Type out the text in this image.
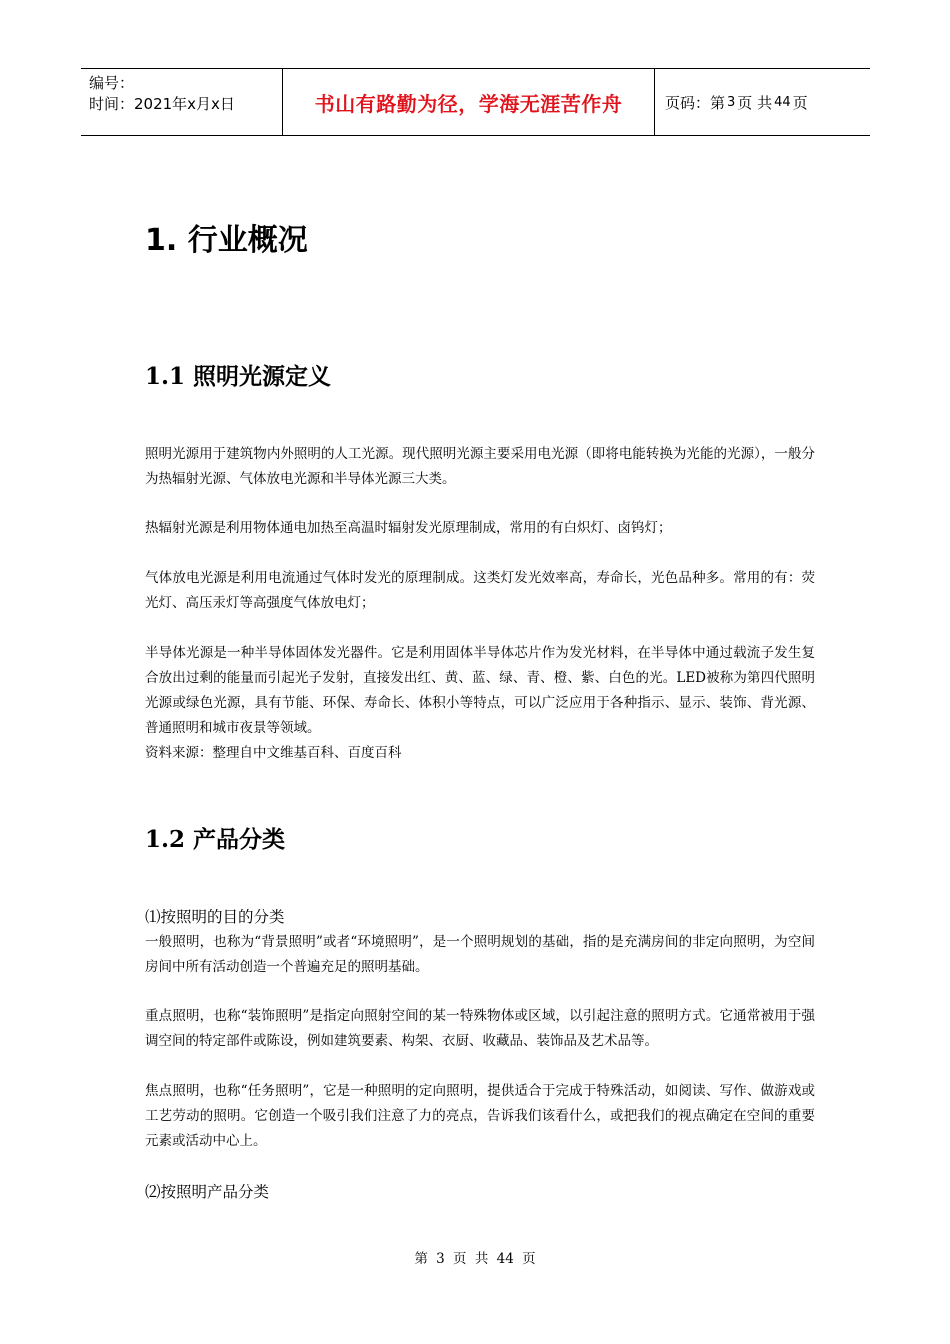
编号：
时间：2021年x月x日	书山有路勤为径，学海无涯苦作舟	页码：第 3 页 共 44 页
1. 行业概况
1.1 照明光源定义

照明光源用于建筑物内外照明的人工光源。现代照明光源主要采用电光源（即将电能转换为光能的光源），一般分为热辐射光源、气体放电光源和半导体光源三大类。

热辐射光源是利用物体通电加热至高温时辐射发光原理制成，常用的有白炽灯、卤钨灯；

气体放电光源是利用电流通过气体时发光的原理制成。这类灯发光效率高，寿命长，光色品种多。常用的有：荧光灯、高压汞灯等高强度气体放电灯；

半导体光源是一种半导体固体发光器件。它是利用固体半导体芯片作为发光材料，在半导体中通过载流子发生复合放出过剩的能量而引起光子发射，直接发出红、黄、蓝、绿、青、橙、紫、白色的光。LED被称为第四代照明光源或绿色光源，具有节能、环保、寿命长、体积小等特点，可以广泛应用于各种指示、显示、装饰、背光源、普通照明和城市夜景等领域。

资料来源：整理自中文维基百科、百度百科

1.2 产品分类

⑴按照明的目的分类

一般照明，也称为“背景照明”或者“环境照明”，是一个照明规划的基础，指的是充满房间的非定向照明，为空间房间中所有活动创造一个普遍充足的照明基础。

重点照明，也称“装饰照明”是指定向照射空间的某一特殊物体或区域，以引起注意的照明方式。它通常被用于强调空间的特定部件或陈设，例如建筑要素、构架、衣厨、收藏品、装饰品及艺术品等。

焦点照明，也称“任务照明”，它是一种照明的定向照明，提供适合于完成于特殊活动，如阅读、写作、做游戏或工艺劳动的照明。它创造一个吸引我们注意了力的亮点，告诉我们该看什么，或把我们的视点确定在空间的重要元素或活动中心上。

⑵按照明产品分类

第 3 页 共 44 页
